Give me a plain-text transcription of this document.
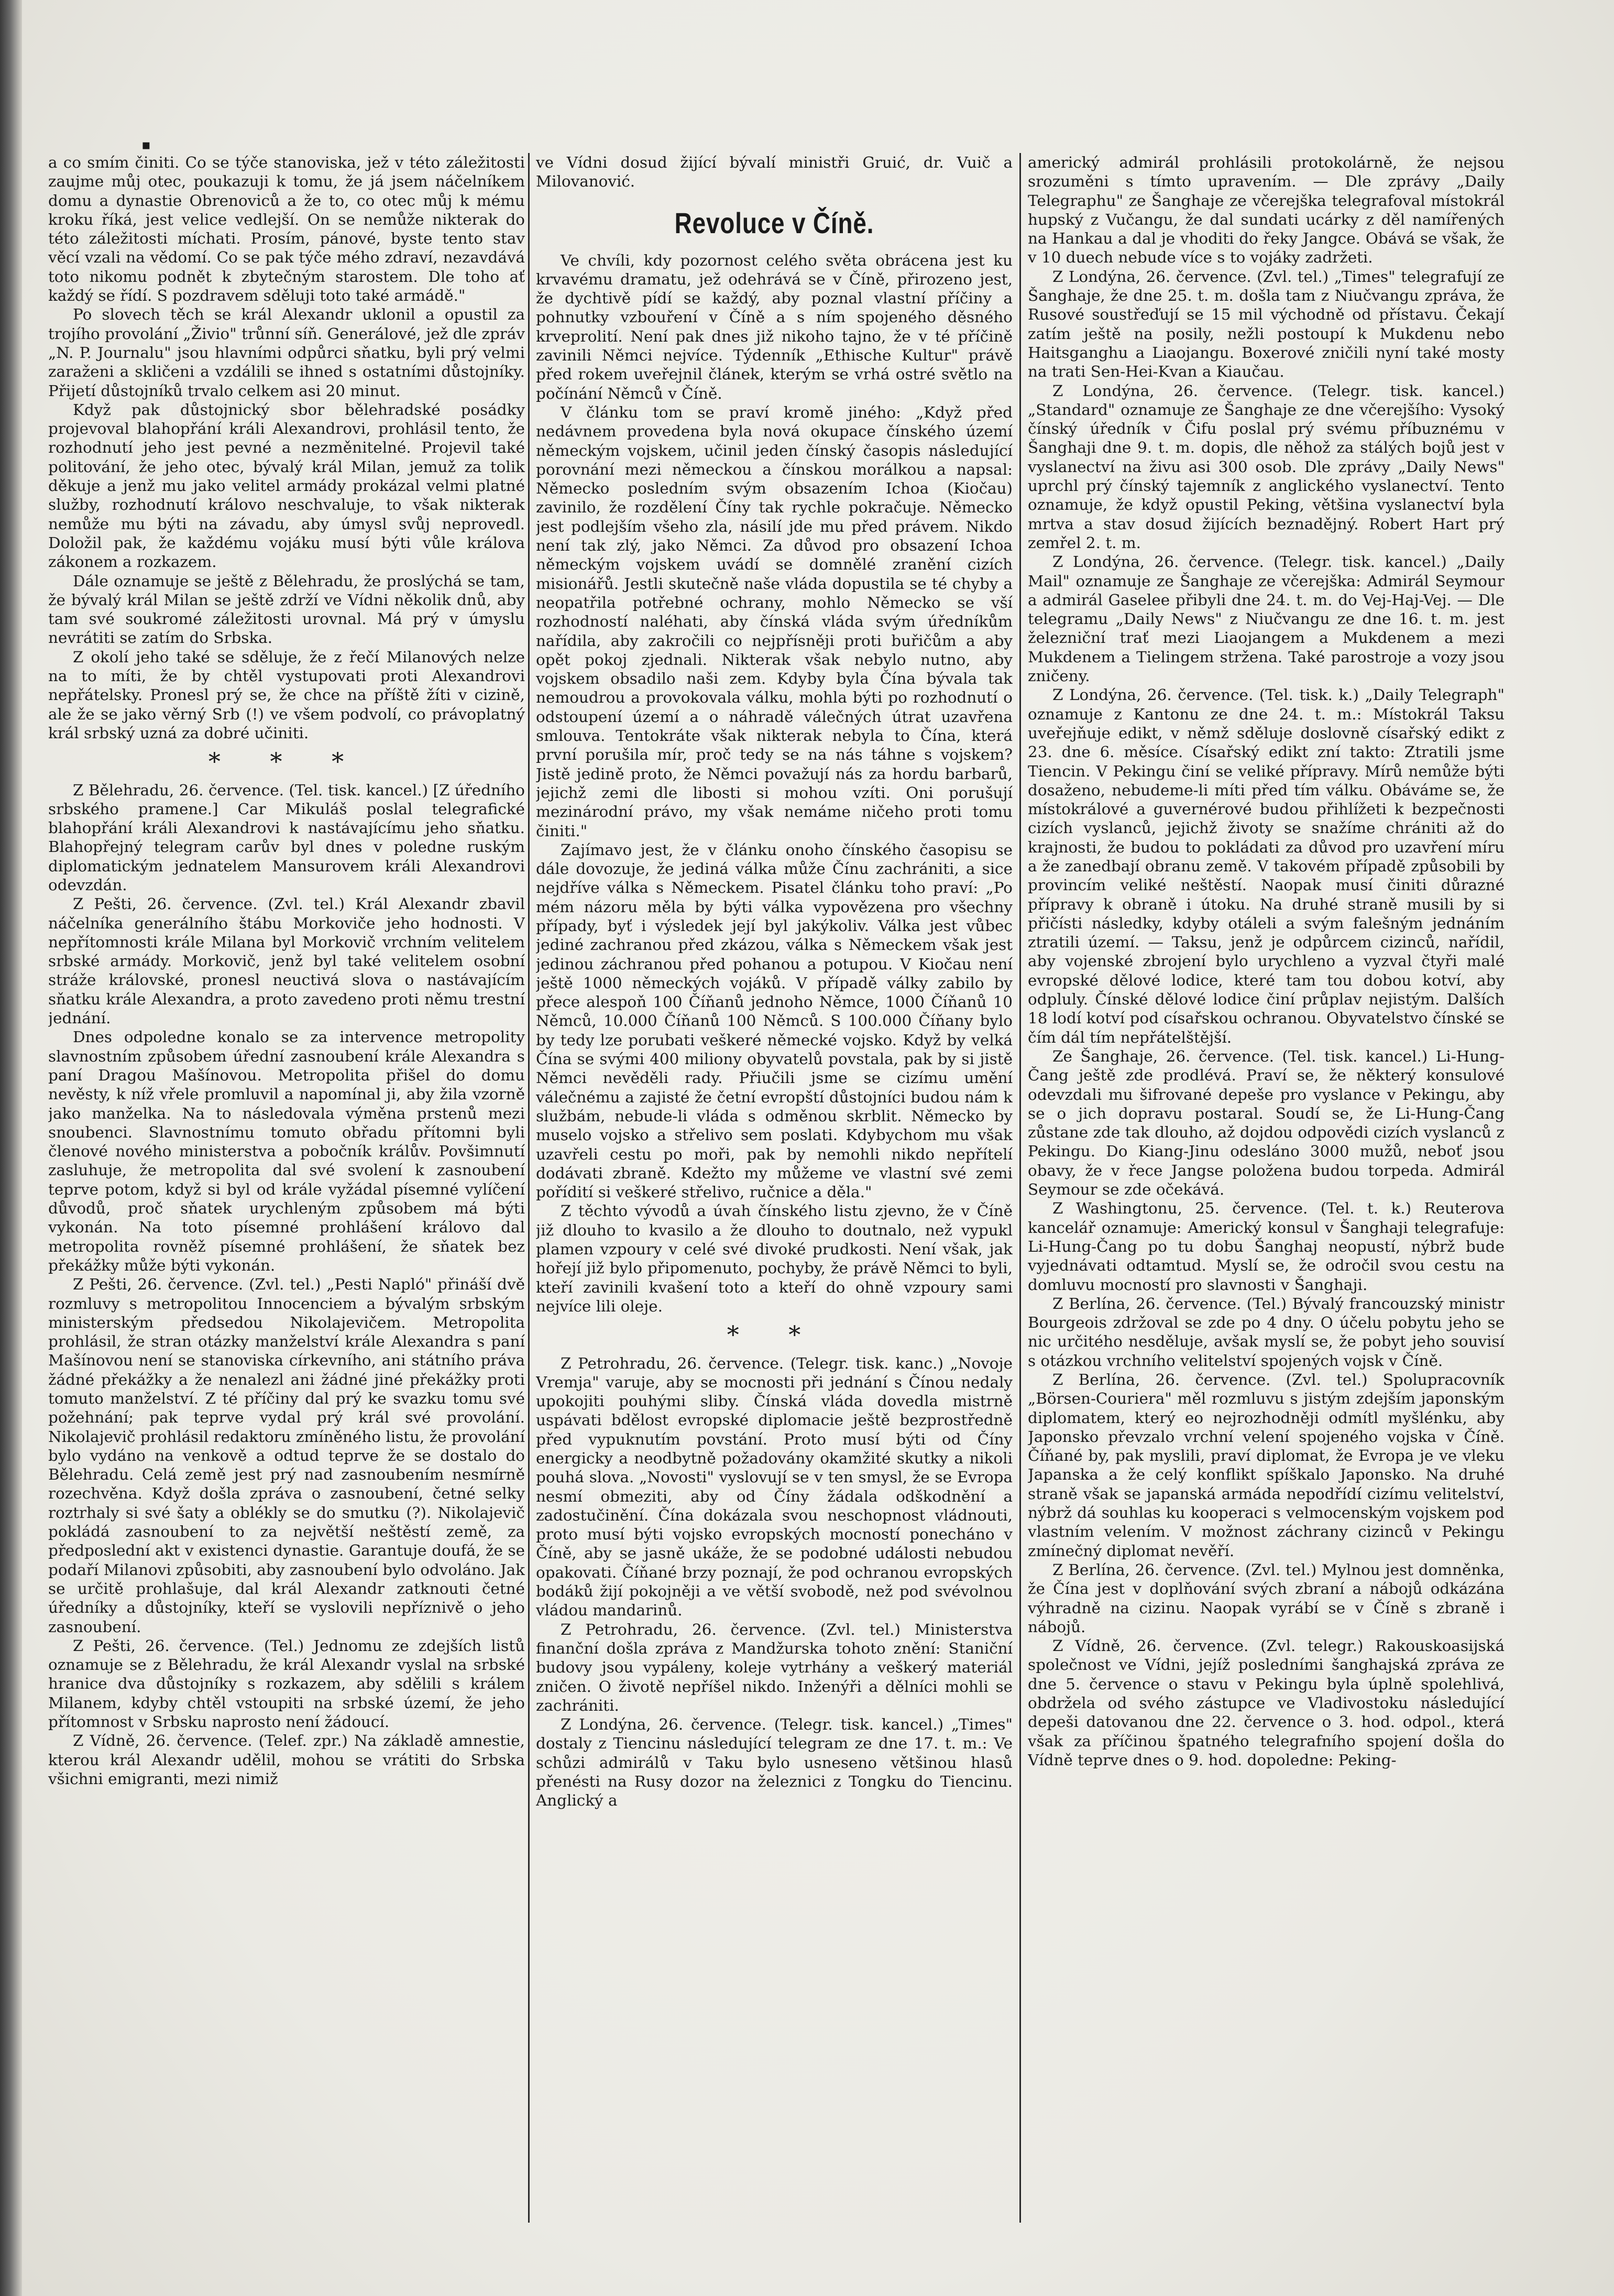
▪

a co smím činiti. Co se týče stanoviska, jež v této záležitosti zaujme můj otec, poukazuji k tomu, že já jsem náčelníkem domu a dynastie Obrenoviců a že to, co otec můj k mému kroku říká, jest velice vedlejší. On se nemůže nikterak do této záležitosti míchati. Prosím, pánové, byste tento stav věcí vzali na vědomí. Co se pak týče mého zdraví, nezavdává toto nikomu podnět k zbytečným starostem. Dle toho ať každý se řídí. S pozdravem sděluji toto také armádě."

Po slovech těch se král Alexandr uklonil a opustil za trojího provolání „Živio" trůnní síň. Generálové, jež dle zpráv „N. P. Journalu" jsou hlavními odpůrci sňatku, byli prý velmi zaraženi a skličeni a vzdálili se ihned s ostatními důstojníky. Přijetí důstojníků trvalo celkem asi 20 minut.

Když pak důstojnický sbor bělehradské posádky projevoval blahopřání králi Alexandrovi, prohlásil tento, že rozhodnutí jeho jest pevné a nezměnitelné. Projevil také politování, že jeho otec, bývalý král Milan, jemuž za tolik děkuje a jenž mu jako velitel armády prokázal velmi platné služby, rozhodnutí královo neschvaluje, to však nikterak nemůže mu býti na závadu, aby úmysl svůj neprovedl. Doložil pak, že každému vojáku musí býti vůle králova zákonem a rozkazem.

Dále oznamuje se ještě z Bělehradu, že proslýchá se tam, že bývalý král Milan se ještě zdrží ve Vídni několik dnů, aby tam své soukromé záležitosti urovnal. Má prý v úmyslu nevrátiti se zatím do Srbska.

Z okolí jeho také se sděluje, že z řečí Milanových nelze na to míti, že by chtěl vystupovati proti Alexandrovi nepřátelsky. Pronesl prý se, že chce na příště žíti v cizině, ale že se jako věrný Srb (!) ve všem podvolí, co právoplatný král srbský uzná za dobré učiniti.

* * *

Z Bělehradu, 26. července. (Tel. tisk. kancel.) [Z úředního srbského pramene.] Car Mikuláš poslal telegrafické blahopřání králi Alexandrovi k nastávajícímu jeho sňatku. Blahopřejný telegram carův byl dnes v poledne ruským diplomatickým jednatelem Mansurovem králi Alexandrovi odevzdán.

Z Pešti, 26. července. (Zvl. tel.) Král Alexandr zbavil náčelníka generálního štábu Morkoviče jeho hodnosti. V nepřítomnosti krále Milana byl Morkovič vrchním velitelem srbské armády. Morkovič, jenž byl také velitelem osobní stráže královské, pronesl neuctivá slova o nastávajícím sňatku krále Alexandra, a proto zavedeno proti němu trestní jednání.

Dnes odpoledne konalo se za intervence metropolity slavnostním způsobem úřední zasnoubení krále Alexandra s paní Dragou Mašínovou. Metropolita přišel do domu nevěsty, k níž vřele promluvil a napomínal ji, aby žila vzorně jako manželka. Na to následovala výměna prstenů mezi snoubenci. Slavnostnímu tomuto obřadu přítomni byli členové nového ministerstva a pobočník králův. Povšimnutí zasluhuje, že metropolita dal své svolení k zasnoubení teprve potom, když si byl od krále vyžádal písemné vylíčení důvodů, proč sňatek urychleným způsobem má býti vykonán. Na toto písemné prohlášení královo dal metropolita rovněž písemné prohlášení, že sňatek bez překážky může býti vykonán.

Z Pešti, 26. července. (Zvl. tel.) „Pesti Napló" přináší dvě rozmluvy s metropolitou Innocenciem a bývalým srbským ministerským předsedou Nikolajevičem. Metropolita prohlásil, že stran otázky manželství krále Alexandra s paní Mašínovou není se stanoviska církevního, ani státního práva žádné překážky a že nenalezl ani žádné jiné překážky proti tomuto manželství. Z té příčiny dal prý ke svazku tomu své požehnání; pak teprve vydal prý král své provolání. Nikolajevič prohlásil redaktoru zmíněného listu, že provolání bylo vydáno na venkově a odtud teprve že se dostalo do Bělehradu. Celá země jest prý nad zasnoubením nesmírně rozechvěna. Když došla zpráva o zasnoubení, četné selky roztrhaly si své šaty a oblékly se do smutku (?). Nikolajevič pokládá zasnoubení to za největší neštěstí země, za předposlední akt v existenci dynastie. Garantuje doufá, že se podaří Milanovi způsobiti, aby zasnoubení bylo odvoláno. Jak se určitě prohlašuje, dal král Alexandr zatknouti četné úředníky a důstojníky, kteří se vyslovili nepříznivě o jeho zasnoubení.

Z Pešti, 26. července. (Tel.) Jednomu ze zdejších listů oznamuje se z Bělehradu, že král Alexandr vyslal na srbské hranice dva důstojníky s rozkazem, aby sdělili s králem Milanem, kdyby chtěl vstoupiti na srbské území, že jeho přítomnost v Srbsku naprosto není žádoucí.

Z Vídně, 26. července. (Telef. zpr.) Na základě amnestie, kterou král Alexandr udělil, mohou se vrátiti do Srbska všichni emigranti, mezi nimiž

ve Vídni dosud žijící bývalí ministři Gruić, dr. Vuič a Milovanović.

Revoluce v Číně.

Ve chvíli, kdy pozornost celého světa obrácena jest ku krvavému dramatu, jež odehrává se v Číně, přirozeno jest, že dychtivě pídí se každý, aby poznal vlastní příčiny a pohnutky vzbouření v Číně a s ním spojeného děsného krveprolití. Není pak dnes již nikoho tajno, že v té příčině zavinili Němci nejvíce. Týdenník „Ethische Kultur" právě před rokem uveřejnil článek, kterým se vrhá ostré světlo na počínání Němců v Číně.

V článku tom se praví kromě jiného: „Když před nedávnem provedena byla nová okupace čínského území německým vojskem, učinil jeden čínský časopis následující porovnání mezi německou a čínskou morálkou a napsal: Německo posledním svým obsazením Ichoa (Kiočau) zavinilo, že rozdělení Číny tak rychle pokračuje. Německo jest podlejším všeho zla, násilí jde mu před právem. Nikdo není tak zlý, jako Němci. Za důvod pro obsazení Ichoa německým vojskem uvádí se domnělé zranění cizích misionářů. Jestli skutečně naše vláda dopustila se té chyby a neopatřila potřebné ochrany, mohlo Německo se vší rozhodností naléhati, aby čínská vláda svým úředníkům nařídila, aby zakročili co nejpřísněji proti buřičům a aby opět pokoj zjednali. Nikterak však nebylo nutno, aby vojskem obsadilo naši zem. Kdyby byla Čína bývala tak nemoudrou a provokovala válku, mohla býti po rozhodnutí o odstoupení území a o náhradě válečných útrat uzavřena smlouva. Tentokráte však nikterak nebyla to Čína, která první porušila mír, proč tedy se na nás táhne s vojskem? Jistě jedině proto, že Němci považují nás za hordu barbarů, jejichž zemi dle libosti si mohou vzíti. Oni porušují mezinárodní právo, my však nemáme ničeho proti tomu činiti."

Zajímavo jest, že v článku onoho čínského časopisu se dále dovozuje, že jediná válka může Čínu zachrániti, a sice nejdříve válka s Německem. Pisatel článku toho praví: „Po mém názoru měla by býti válka vypovězena pro všechny případy, byť i výsledek její byl jakýkoliv. Válka jest vůbec jediné zachranou před zkázou, válka s Německem však jest jedinou záchranou před pohanou a potupou. V Kiočau není ještě 1000 německých vojáků. V případě války zabilo by přece alespoň 100 Číňanů jednoho Němce, 1000 Číňanů 10 Němců, 10.000 Číňanů 100 Němců. S 100.000 Číňany bylo by tedy lze porubati veškeré německé vojsko. Když by velká Čína se svými 400 miliony obyvatelů povstala, pak by si jistě Němci nevěděli rady. Přiučili jsme se cizímu umění válečnému a zajisté že četní evropští důstojníci budou nám k službám, nebude-li vláda s odměnou skrblit. Německo by muselo vojsko a střelivo sem poslati. Kdybychom mu však uzavřeli cestu po moři, pak by nemohli nikdo nepřítelí dodávati zbraně. Kdežto my můžeme ve vlastní své zemi pořídití si veškeré střelivo, ručnice a děla."

Z těchto vývodů a úvah čínského listu zjevno, že v Číně již dlouho to kvasilo a že dlouho to doutnalo, než vypukl plamen vzpoury v celé své divoké prudkosti. Není však, jak hořejí již bylo připomenuto, pochyby, že právě Němci to byli, kteří zavinili kvašení toto a kteří do ohně vzpoury sami nejvíce lili oleje.

* *

Z Petrohradu, 26. července. (Telegr. tisk. kanc.) „Novoje Vremja" varuje, aby se mocnosti při jednání s Čínou nedaly upokojiti pouhými sliby. Čínská vláda dovedla mistrně uspávati bdělost evropské diplomacie ještě bezprostředně před vypuknutím povstání. Proto musí býti od Číny energicky a neodbytně požadovány okamžité skutky a nikoli pouhá slova. „Novosti" vyslovují se v ten smysl, že se Evropa nesmí obmeziti, aby od Číny žádala odškodnění a zadostučinění. Čína dokázala svou neschopnost vládnouti, proto musí býti vojsko evropských mocností ponecháno v Číně, aby se jasně ukáže, že se podobné události nebudou opakovati. Číňané brzy poznají, že pod ochranou evropských bodáků žijí pokojněji a ve větší svobodě, než pod svévolnou vládou mandarinů.

Z Petrohradu, 26. července. (Zvl. tel.) Ministerstva finanční došla zpráva z Mandžurska tohoto znění: Staniční budovy jsou vypáleny, koleje vytrhány a veškerý materiál zničen. O životě nepříšel nikdo. Inženýři a dělníci mohli se zachrániti.

Z Londýna, 26. července. (Telegr. tisk. kancel.) „Times" dostaly z Tiencinu následující telegram ze dne 17. t. m.: Ve schůzi admirálů v Taku bylo usneseno většinou hlasů přenésti na Rusy dozor na železnici z Tongku do Tiencinu. Anglický a

americký admirál prohlásili protokolárně, že nejsou srozuměni s tímto upravením. — Dle zprávy „Daily Telegraphu" ze Šanghaje ze včerejška telegrafoval místokrál hupský z Vučangu, že dal sundati ucárky z děl namířených na Hankau a dal je vhoditi do řeky Jangce. Obává se však, že v 10 duech nebude více s to vojáky zadržeti.

Z Londýna, 26. července. (Zvl. tel.) „Times" telegrafují ze Šanghaje, že dne 25. t. m. došla tam z Niučvangu zpráva, že Rusové soustřeďují se 15 mil východně od přístavu. Čekají zatím ještě na posily, nežli postoupí k Mukdenu nebo Haitsganghu a Liaojangu. Boxerové zničili nyní také mosty na trati Sen-Hei-Kvan a Kiaučau.

Z Londýna, 26. července. (Telegr. tisk. kancel.) „Standard" oznamuje ze Šanghaje ze dne včerejšího: Vysoký čínský úředník v Čifu poslal prý svému příbuznému v Šanghaji dne 9. t. m. dopis, dle něhož za stálých bojů jest v vyslanectví na živu asi 300 osob. Dle zprávy „Daily News" uprchl prý čínský tajemník z anglického vyslanectví. Tento oznamuje, že když opustil Peking, většina vyslanectví byla mrtva a stav dosud žijících beznadějný. Robert Hart prý zemřel 2. t. m.

Z Londýna, 26. července. (Telegr. tisk. kancel.) „Daily Mail" oznamuje ze Šanghaje ze včerejška: Admirál Seymour a admirál Gaselee přibyli dne 24. t. m. do Vej-Haj-Vej. — Dle telegramu „Daily News" z Niučvangu ze dne 16. t. m. jest železniční trať mezi Liaojangem a Mukdenem a mezi Mukdenem a Tielingem stržena. Také parostroje a vozy jsou zničeny.

Z Londýna, 26. července. (Tel. tisk. k.) „Daily Telegraph" oznamuje z Kantonu ze dne 24. t. m.: Místokrál Taksu uveřejňuje edikt, v němž sděluje doslovně císařský edikt z 23. dne 6. měsíce. Císařský edikt zní takto: Ztratili jsme Tiencin. V Pekingu činí se veliké přípravy. Mírů nemůže býti dosaženo, nebudeme-li míti před tím válku. Obáváme se, že místokrálové a guvernérové budou přihlížeti k bezpečnosti cizích vyslanců, jejichž životy se snažíme chrániti až do krajnosti, že budou to pokládati za důvod pro uzavření míru a že zanedbají obranu země. V takovém případě způsobili by provincím veliké neštěstí. Naopak musí činiti důrazné přípravy k obraně i útoku. Na druhé straně musili by si přičísti následky, kdyby otáleli a svým falešným jednáním ztratili území. — Taksu, jenž je odpůrcem cizinců, nařídil, aby vojenské zbrojení bylo urychleno a vyzval čtyři malé evropské dělové lodice, které tam tou dobou kotví, aby odpluly. Čínské dělové lodice činí průplav nejistým. Dalších 18 lodí kotví pod císařskou ochranou. Obyvatelstvo čínské se čím dál tím nepřátelštější.

Ze Šanghaje, 26. července. (Tel. tisk. kancel.) Li-Hung-Čang ještě zde prodlévá. Praví se, že některý konsulové odevzdali mu šifrované depeše pro vyslance v Pekingu, aby se o jich dopravu postaral. Soudí se, že Li-Hung-Čang zůstane zde tak dlouho, až dojdou odpovědi cizích vyslanců z Pekingu. Do Kiang-Jinu odesláno 3000 mužů, neboť jsou obavy, že v řece Jangse položena budou torpeda. Admirál Seymour se zde očekává.

Z Washingtonu, 25. července. (Tel. t. k.) Reuterova kancelář oznamuje: Americký konsul v Šanghaji telegrafuje: Li-Hung-Čang po tu dobu Šanghaj neopustí, nýbrž bude vyjednávati odtamtud. Myslí se, že odročil svou cestu na domluvu mocností pro slavnosti v Šanghaji.

Z Berlína, 26. července. (Tel.) Bývalý francouzský ministr Bourgeois zdržoval se zde po 4 dny. O účelu pobytu jeho se nic určitého nesděluje, avšak myslí se, že pobyt jeho souvisí s otázkou vrchního velitelství spojených vojsk v Číně.

Z Berlína, 26. července. (Zvl. tel.) Spolupracovník „Börsen-Couriera" měl rozmluvu s jistým zdejším japonským diplomatem, který eo nejrozhodněji odmítl myšlénku, aby Japonsko převzalo vrchní velení spojeného vojska v Číně. Číňané by, pak myslili, praví diplomat, že Evropa je ve vleku Japanska a že celý konflikt spíškalo Japonsko. Na druhé straně však se japanská armáda nepodřídí cizímu velitelství, nýbrž dá souhlas ku kooperaci s velmocenským vojskem pod vlastním velením. V možnost záchrany cizinců v Pekingu zmínečný diplomat nevěří.

Z Berlína, 26. července. (Zvl. tel.) Mylnou jest domněnka, že Čína jest v doplňování svých zbraní a nábojů odkázána výhradně na cizinu. Naopak vyrábí se v Číně s zbraně i nábojů.

Z Vídně, 26. července. (Zvl. telegr.) Rakouskoasijská společnost ve Vídni, jejíž posledními šanghajská zpráva ze dne 5. července o stavu v Pekingu byla úplně spolehlivá, obdržela od svého zástupce ve Vladivostoku následující depeši datovanou dne 22. července o 3. hod. odpol., která však za příčinou špatného telegrafního spojení došla do Vídně teprve dnes o 9. hod. dopoledne: Peking-
